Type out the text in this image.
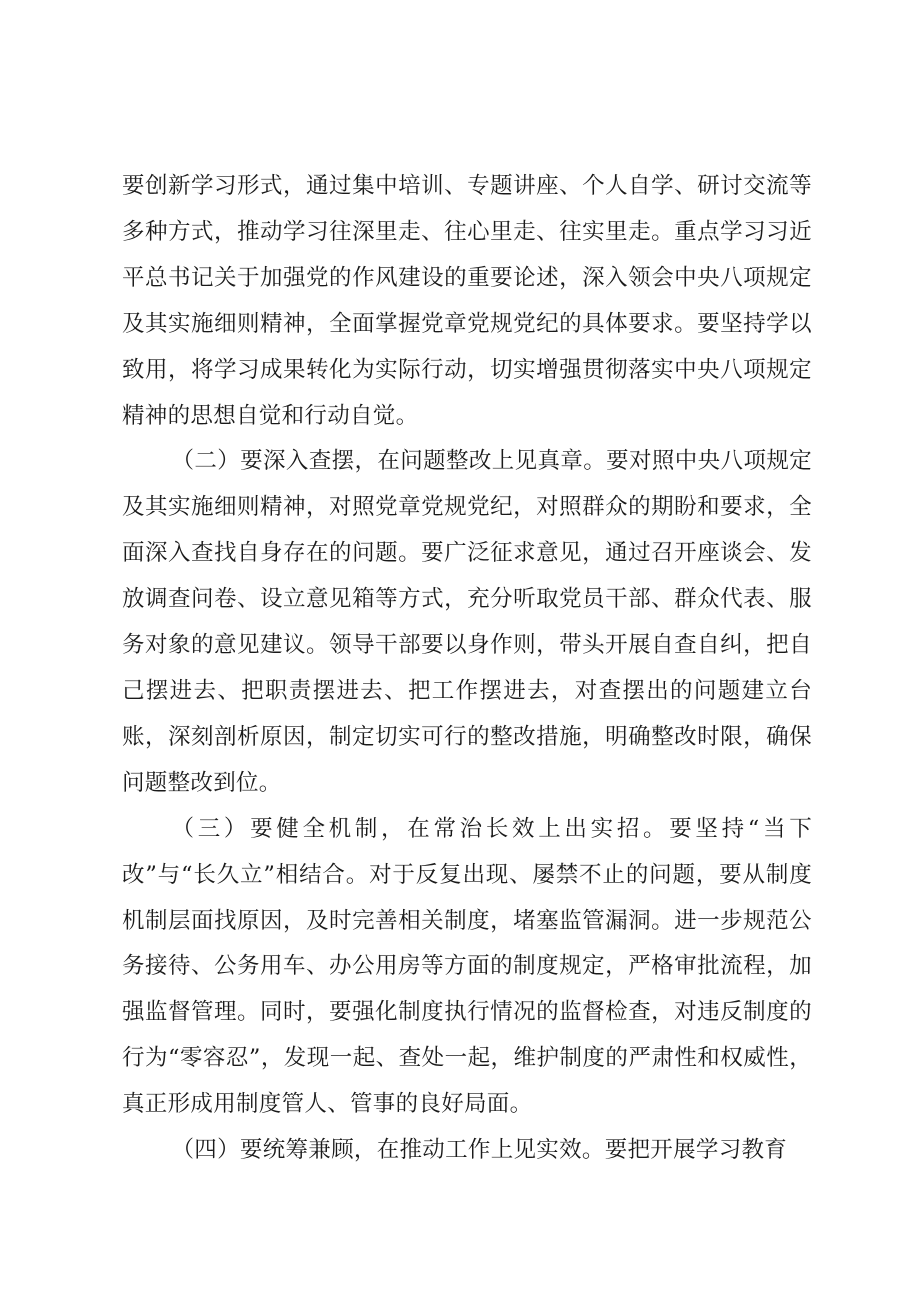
要创新学习形式，通过集中培训、专题讲座、个人自学、研讨交流等多种方式，推动学习往深里走、往心里走、往实里走。重点学习习近平总书记关于加强党的作风建设的重要论述，深入领会中央八项规定及其实施细则精神，全面掌握党章党规党纪的具体要求。要坚持学以致用，将学习成果转化为实际行动，切实增强贯彻落实中央八项规定精神的思想自觉和行动自觉。

（二）要深入查摆，在问题整改上见真章。要对照中央八项规定及其实施细则精神，对照党章党规党纪，对照群众的期盼和要求，全面深入查找自身存在的问题。要广泛征求意见，通过召开座谈会、发放调查问卷、设立意见箱等方式，充分听取党员干部、群众代表、服务对象的意见建议。领导干部要以身作则，带头开展自查自纠，把自己摆进去、把职责摆进去、把工作摆进去，对查摆出的问题建立台账，深刻剖析原因，制定切实可行的整改措施，明确整改时限，确保问题整改到位。

（三）要健全机制，在常治长效上出实招。要坚持“当下改”与“长久立”相结合。对于反复出现、屡禁不止的问题，要从制度机制层面找原因，及时完善相关制度，堵塞监管漏洞。进一步规范公务接待、公务用车、办公用房等方面的制度规定，严格审批流程，加强监督管理。同时，要强化制度执行情况的监督检查，对违反制度的行为“零容忍”，发现一起、查处一起，维护制度的严肃性和权威性，真正形成用制度管人、管事的良好局面。

（四）要统筹兼顾，在推动工作上见实效。要把开展学习教育
